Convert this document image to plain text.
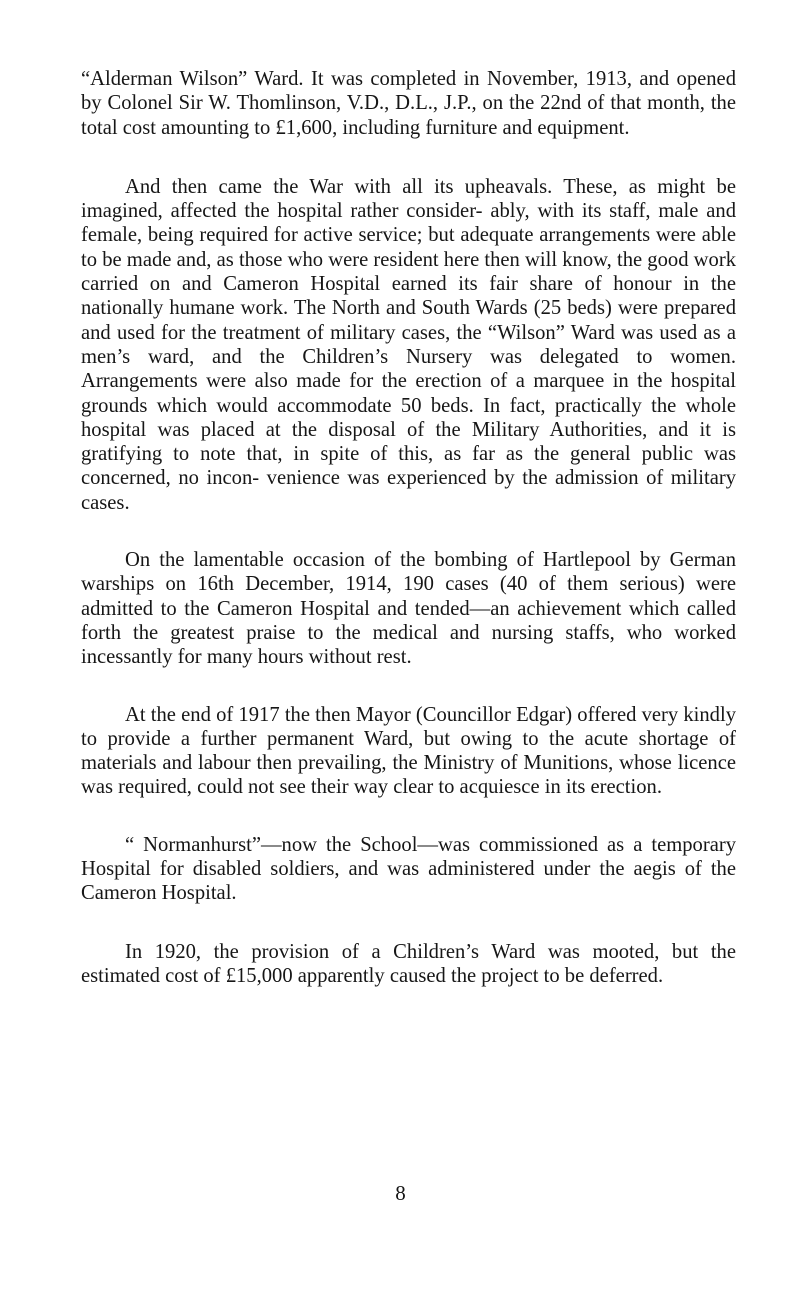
“Alderman Wilson” Ward. It was completed in November, 1913, and opened by Colonel Sir W. Thomlinson, V.D., D.L., J.P., on the 22nd of that month, the total cost amounting to £1,600, including furniture and equipment.

And then came the War with all its upheavals. These, as might be imagined, affected the hospital rather consider- ably, with its staff, male and female, being required for active service; but adequate arrangements were able to be made and, as those who were resident here then will know, the good work carried on and Cameron Hospital earned its fair share of honour in the nationally humane work. The North and South Wards (25 beds) were prepared and used for the treatment of military cases, the “Wilson” Ward was used as a men’s ward, and the Children’s Nursery was delegated to women. Arrangements were also made for the erection of a marquee in the hospital grounds which would accommodate 50 beds. In fact, practically the whole hospital was placed at the disposal of the Military Authorities, and it is gratifying to note that, in spite of this, as far as the general public was concerned, no incon- venience was experienced by the admission of military cases.

On the lamentable occasion of the bombing of Hartlepool by German warships on 16th December, 1914, 190 cases (40 of them serious) were admitted to the Cameron Hospital and tended—an achievement which called forth the greatest praise to the medical and nursing staffs, who worked incessantly for many hours without rest.

At the end of 1917 the then Mayor (Councillor Edgar) offered very kindly to provide a further permanent Ward, but owing to the acute shortage of materials and labour then prevailing, the Ministry of Munitions, whose licence was required, could not see their way clear to acquiesce in its erection.

“ Normanhurst”—now the School—was commissioned as a temporary Hospital for disabled soldiers, and was administered under the aegis of the Cameron Hospital.

In 1920, the provision of a Children’s Ward was mooted, but the estimated cost of £15,000 apparently caused the project to be deferred.

8
